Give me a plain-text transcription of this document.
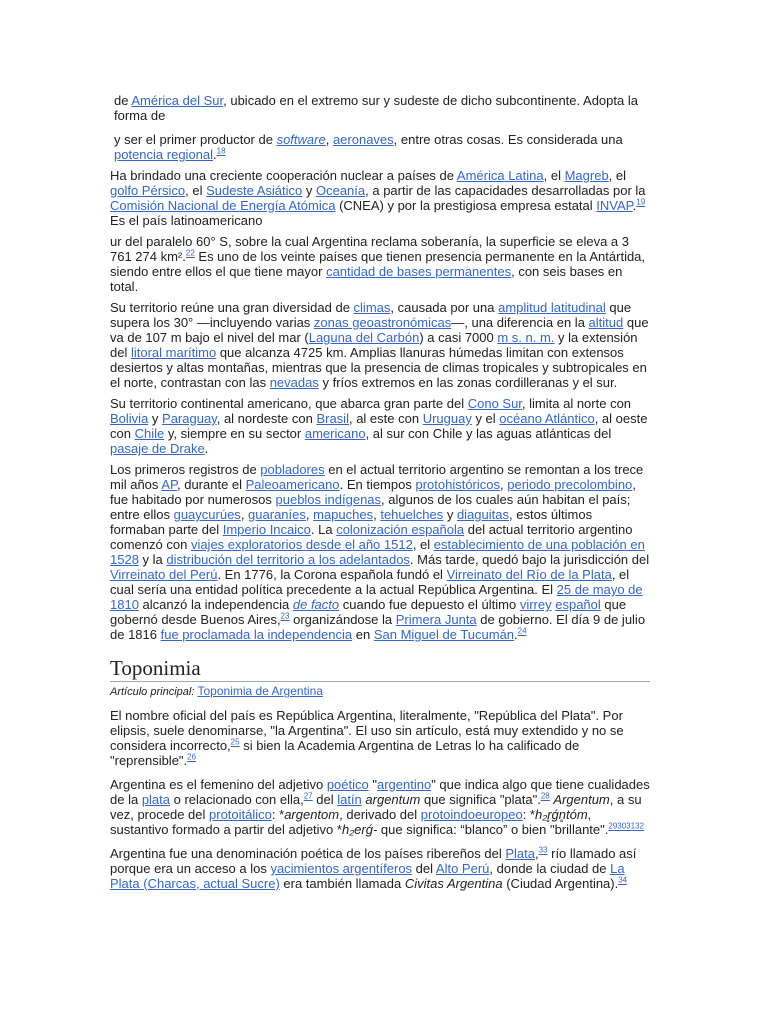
de América del Sur, ubicado en el extremo sur y sudeste de dicho subcontinente. Adopta la forma de

y ser el primer productor de software, aeronaves, entre otras cosas. Es considerada una potencia regional.$^{18}$

Ha brindado una creciente cooperación nuclear a países de América Latina, el Magreb, el golfo Pérsico, el Sudeste Asiático y Oceanía, a partir de las capacidades desarrolladas por la Comisión Nacional de Energía Atómica (CNEA) y por la prestigiosa empresa estatal INVAP.$^{19}$ Es el país latinoamericano

ur del paralelo 60° S, sobre la cual Argentina reclama soberanía, la superficie se eleva a 3 761 274 km².$^{22}$ Es uno de los veinte países que tienen presencia permanente en la Antártida, siendo entre ellos el que tiene mayor cantidad de bases permanentes, con seis bases en total.

Su territorio reúne una gran diversidad de climas, causada por una amplitud latitudinal que supera los 30° —incluyendo varias zonas geoastronómicas—, una diferencia en la altitud que va de 107 m bajo el nivel del mar (Laguna del Carbón) a casi 7000 m s. n. m. y la extensión del litoral marítimo que alcanza 4725 km. Amplias llanuras húmedas limitan con extensos desiertos y altas montañas, mientras que la presencia de climas tropicales y subtropicales en el norte, contrastan con las nevadas y fríos extremos en las zonas cordilleranas y el sur.

Su territorio continental americano, que abarca gran parte del Cono Sur, limita al norte con Bolivia y Paraguay, al nordeste con Brasil, al este con Uruguay y el océano Atlántico, al oeste con Chile y, siempre en su sector americano, al sur con Chile y las aguas atlánticas del pasaje de Drake.

Los primeros registros de pobladores en el actual territorio argentino se remontan a los trece mil años AP, durante el Paleoamericano. En tiempos protohistóricos, periodo precolombino, fue habitado por numerosos pueblos indígenas, algunos de los cuales aún habitan el país; entre ellos guaycurúes, guaraníes, mapuches, tehuelches y diaguitas, estos últimos formaban parte del Imperio Incaico. La colonización española del actual territorio argentino comenzó con viajes exploratorios desde el año 1512, el establecimiento de una población en 1528 y la distribución del territorio a los adelantados. Más tarde, quedó bajo la jurisdicción del Virreinato del Perú. En 1776, la Corona española fundó el Virreinato del Río de la Plata, el cual sería una entidad política precedente a la actual República Argentina. El 25 de mayo de 1810 alcanzó la independencia de facto cuando fue depuesto el último virrey español que gobernó desde Buenos Aires,$^{23}$ organizándose la Primera Junta de gobierno. El día 9 de julio de 1816 fue proclamada la independencia en San Miguel de Tucumán.$^{24}$

Toponimia
Artículo principal: Toponimia de Argentina

El nombre oficial del país es República Argentina, literalmente, "República del Plata". Por elipsis, suele denominarse, "la Argentina". El uso sin artículo, está muy extendido y no se considera incorrecto,$^{25}$ si bien la Academia Argentina de Letras lo ha calificado de "reprensible".$^{26}$

Argentina es el femenino del adjetivo poético "argentino" que indica algo que tiene cualidades de la plata o relacionado con ella,$^{27}$ del latín argentum que significa "plata".$^{28}$ Argentum, a su vez, procede del protoitálico: *argentom, derivado del protoindoeuropeo: *h₂r̥ǵn̥tóm, sustantivo formado a partir del adjetivo *h₂erǵ- que significa: “blanco” o bien "brillante".$^{29303132}$

Argentina fue una denominación poética de los países ribereños del Plata,$^{33}$ río llamado así porque era un acceso a los yacimientos argentíferos del Alto Perú, donde la ciudad de La Plata (Charcas, actual Sucre) era también llamada Civitas Argentina (Ciudad Argentina).$^{34}$
